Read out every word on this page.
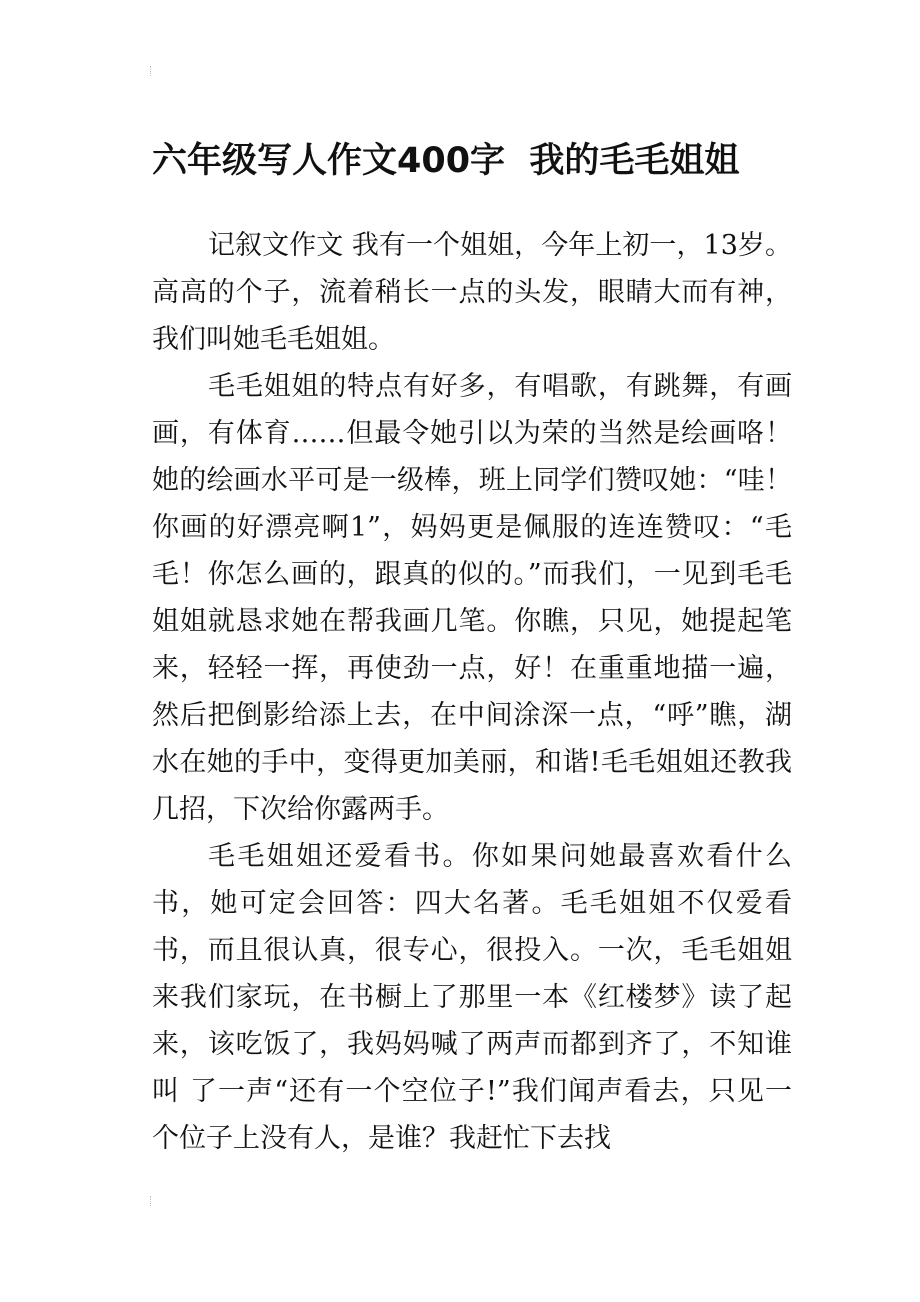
六年级写人作文400字  我的毛毛姐姐

记叙文作文 我有一个姐姐，今年上初一，13岁。高高的个子，流着稍长一点的头发，眼睛大而有神，我们叫她毛毛姐姐。

毛毛姐姐的特点有好多，有唱歌，有跳舞，有画画，有体育……但最令她引以为荣的当然是绘画咯！她的绘画水平可是一级棒，班上同学们赞叹她：“哇！你画的好漂亮啊1”，妈妈更是佩服的连连赞叹：“毛毛！你怎么画的，跟真的似的。”而我们，一见到毛毛姐姐就恳求她在帮我画几笔。你瞧，只见，她提起笔来，轻轻一挥，再使劲一点，好！在重重地描一遍，然后把倒影给添上去，在中间涂深一点，“呼”瞧，湖水在她的手中，变得更加美丽，和谐!毛毛姐姐还教我几招，下次给你露两手。

毛毛姐姐还爱看书。你如果问她最喜欢看什么书，她可定会回答：四大名著。毛毛姐姐不仅爱看书，而且很认真，很专心，很投入。一次，毛毛姐姐来我们家玩，在书橱上了那里一本《红楼梦》读了起来，该吃饭了，我妈妈喊了两声而都到齐了，不知谁叫 了一声“还有一个空位子!”我们闻声看去，只见一个位子上没有人，是谁？我赶忙下去找
